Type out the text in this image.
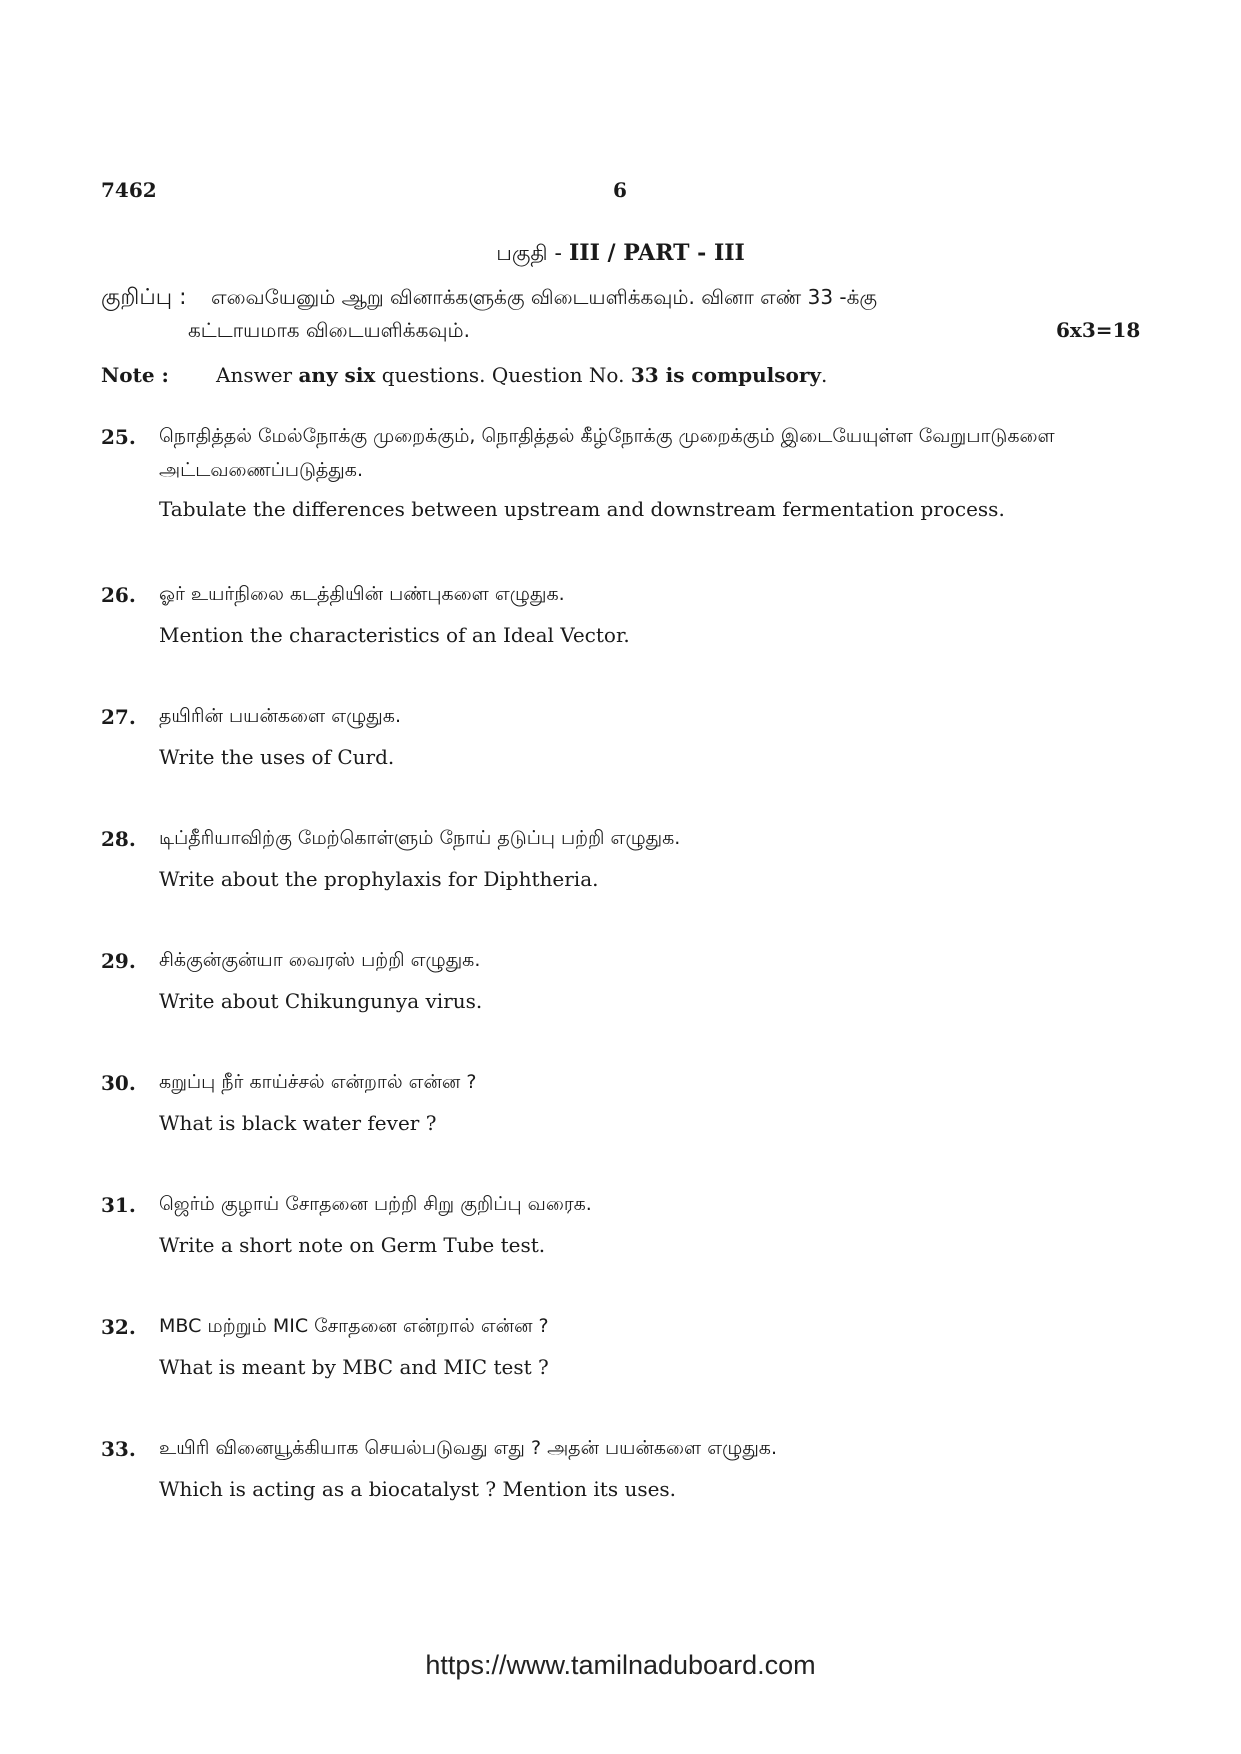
7462	6
பகுதி - III / PART - III
குறிப்பு : எவையேனும் ஆறு வினாக்களுக்கு விடையளிக்கவும். வினா எண் 33 -க்கு
கட்டாயமாக விடையளிக்கவும்.	6x3=18
Note : Answer any six questions. Question No. 33 is compulsory.
25. நொதித்தல் மேல்நோக்கு முறைக்கும், நொதித்தல் கீழ்நோக்கு முறைக்கும் இடையேயுள்ள வேறுபாடுகளை அட்டவணைப்படுத்துக.
Tabulate the differences between upstream and downstream fermentation process.
26. ஓர் உயர்நிலை கடத்தியின் பண்புகளை எழுதுக.
Mention the characteristics of an Ideal Vector.
27. தயிரின் பயன்களை எழுதுக.
Write the uses of Curd.
28. டிப்தீரியாவிற்கு மேற்கொள்ளும் நோய் தடுப்பு பற்றி எழுதுக.
Write about the prophylaxis for Diphtheria.
29. சிக்குன்குன்யா வைரஸ் பற்றி எழுதுக.
Write about Chikungunya virus.
30. கறுப்பு நீர் காய்ச்சல் என்றால் என்ன ?
What is black water fever ?
31. ஜெர்ம் குழாய் சோதனை பற்றி சிறு குறிப்பு வரைக.
Write a short note on Germ Tube test.
32. MBC மற்றும் MIC சோதனை என்றால் என்ன ?
What is meant by MBC and MIC test ?
33. உயிரி வினையூக்கியாக செயல்படுவது எது ? அதன் பயன்களை எழுதுக.
Which is acting as a biocatalyst ? Mention its uses.
https://www.tamilnaduboard.com
